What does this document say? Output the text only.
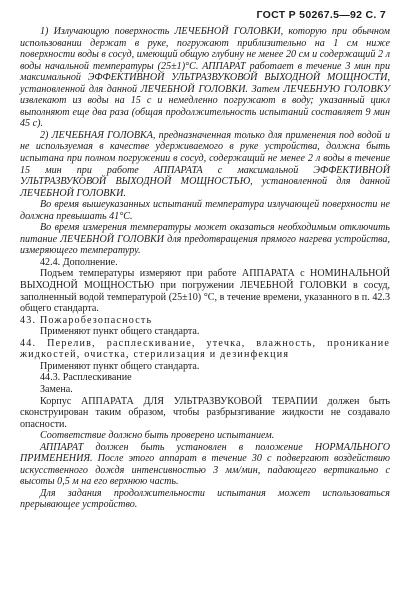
ГОСТ Р 50267.5—92 С. 7

1) Излучающую поверхность ЛЕЧЕБНОЙ ГОЛОВКИ, которую при обычном использовании держат в руке, погружают приблизительно на 1 см ниже поверхности воды в сосуд, имеющий общую глубину не менее 20 см и содержащий 2 л воды начальной температуры (25±1)°С. АППАРАТ работает в течение 3 мин при максимальной ЭФФЕКТИВНОЙ УЛЬТРАЗВУКОВОЙ ВЫХОДНОЙ МОЩНОСТИ, установленной для данной ЛЕЧЕБНОЙ ГОЛОВКИ. Затем ЛЕЧЕБНУЮ ГОЛОВКУ извлекают из воды на 15 с и немедленно погружают в воду; указанный цикл выполняют еще два раза (общая продолжительность испытаний составляет 9 мин 45 с).

2) ЛЕЧЕБНАЯ ГОЛОВКА, предназначенная только для применения под водой и не используемая в качестве удерживаемого в руке устройства, должна быть испытана при полном погружении в сосуд, содержащий не менее 2 л воды в течение 15 мин при работе АППАРАТА с максимальной ЭФФЕКТИВНОЙ УЛЬТРАЗВУКОВОЙ ВЫХОДНОЙ МОЩНОСТЬЮ, установленной для данной ЛЕЧЕБНОЙ ГОЛОВКИ.

Во время вышеуказанных испытаний температура излучающей поверхности не должна превышать 41°С.

Во время измерения температуры может оказаться необходимым отключить питание ЛЕЧЕБНОЙ ГОЛОВКИ для предотвращения прямого нагрева устройства, измеряющего температуру.

42.4. Дополнение.

Подъем температуры измеряют при работе АППАРАТА с НОМИНАЛЬНОЙ ВЫХОДНОЙ МОЩНОСТЬЮ при погружении ЛЕЧЕБНОЙ ГОЛОВКИ в сосуд, заполненный водой температурой (25±10) °С, в течение времени, указанного в п. 42.3 общего стандарта.

43. Пожаробезопасность

Применяют пункт общего стандарта.

44. Перелив, расплескивание, утечка, влажность, проникание жидкостей, очистка, стерилизация и дезинфекция

Применяют пункт общего стандарта.

44.3. Расплескивание

Замена.

Корпус АППАРАТА ДЛЯ УЛЬТРАЗВУКОВОЙ ТЕРАПИИ должен быть сконструирован таким образом, чтобы разбрызгивание жидкости не создавало опасности.

Соответствие должно быть проверено испытанием.

АППАРАТ должен быть установлен в положение НОРМАЛЬНОГО ПРИМЕНЕНИЯ. После этого аппарат в течение 30 с подвергают воздействию искусственного дождя интенсивностью 3 мм/мин, падающего вертикально с высоты 0,5 м на его верхнюю часть.

Для задания продолжительности испытания может использоваться прерывающее устройство.
